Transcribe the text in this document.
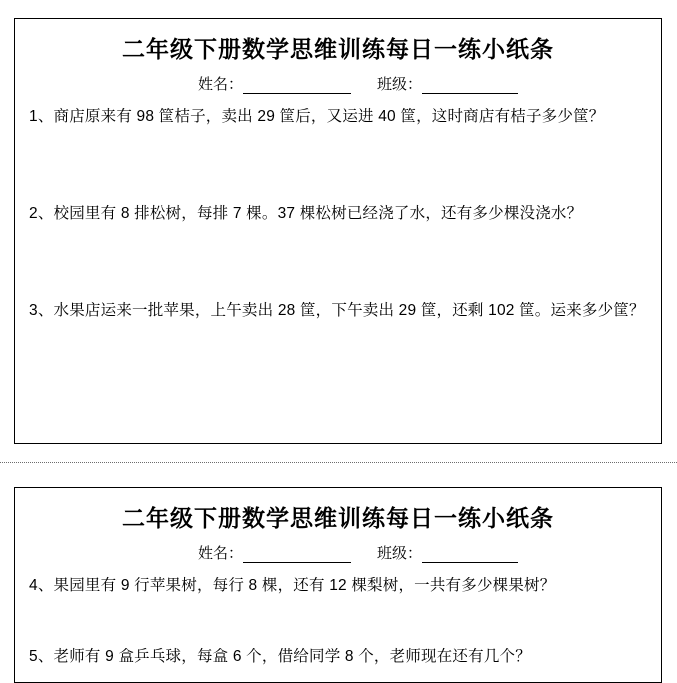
二年级下册数学思维训练每日一练小纸条
姓名：	班级：
1、商店原来有 98 筐桔子，卖出 29 筐后，又运进 40 筐，这时商店有桔子多少筐？
2、校园里有 8 排松树，每排 7 棵。37 棵松树已经浇了水，还有多少棵没浇水？
3、水果店运来一批苹果，上午卖出 28 筐，下午卖出 29 筐，还剩 102 筐。运来多少筐？
二年级下册数学思维训练每日一练小纸条
姓名：	班级：
4、果园里有 9 行苹果树，每行 8 棵，还有 12 棵梨树，一共有多少棵果树？
5、老师有 9 盒乒乓球，每盒 6 个，借给同学 8 个，老师现在还有几个？
